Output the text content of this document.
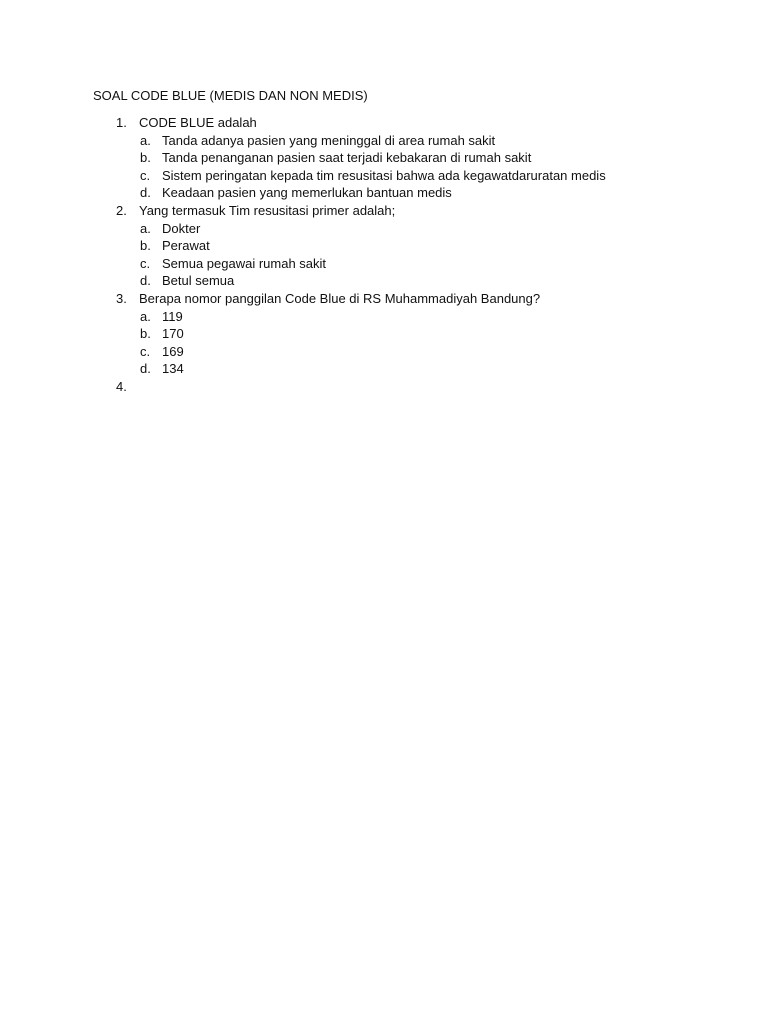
SOAL CODE BLUE (MEDIS DAN NON MEDIS)
1. CODE BLUE adalah
a. Tanda adanya pasien yang meninggal di area rumah sakit
b. Tanda penanganan pasien saat terjadi kebakaran di rumah sakit
c. Sistem peringatan kepada tim resusitasi bahwa ada kegawatdaruratan medis
d. Keadaan pasien yang memerlukan bantuan medis
2. Yang termasuk Tim resusitasi primer adalah;
a. Dokter
b. Perawat
c. Semua pegawai rumah sakit
d. Betul semua
3. Berapa nomor panggilan Code Blue di RS Muhammadiyah Bandung?
a. 119
b. 170
c. 169
d. 134
4.
